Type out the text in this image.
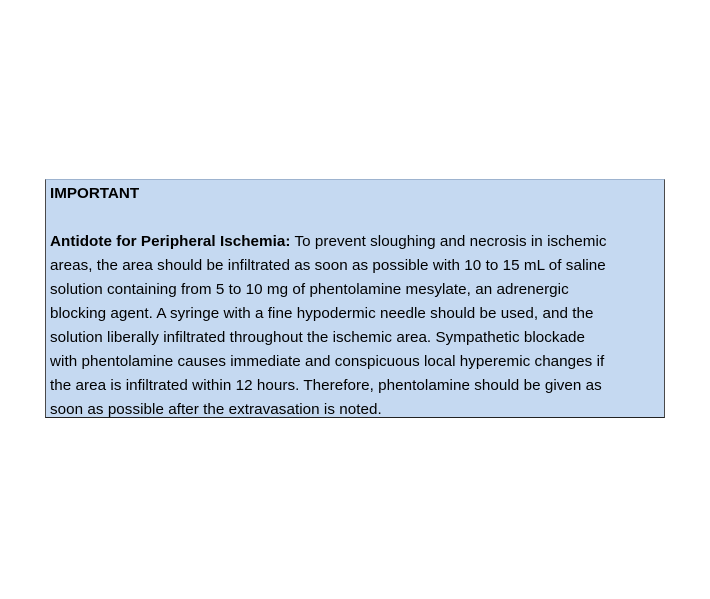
IMPORTANT
Antidote for Peripheral Ischemia: To prevent sloughing and necrosis in ischemic
areas, the area should be infiltrated as soon as possible with 10 to 15 mL of saline
solution containing from 5 to 10 mg of phentolamine mesylate, an adrenergic
blocking agent. A syringe with a fine hypodermic needle should be used, and the
solution liberally infiltrated throughout the ischemic area. Sympathetic blockade
with phentolamine causes immediate and conspicuous local hyperemic changes if
the area is infiltrated within 12 hours. Therefore, phentolamine should be given as
soon as possible after the extravasation is noted.
